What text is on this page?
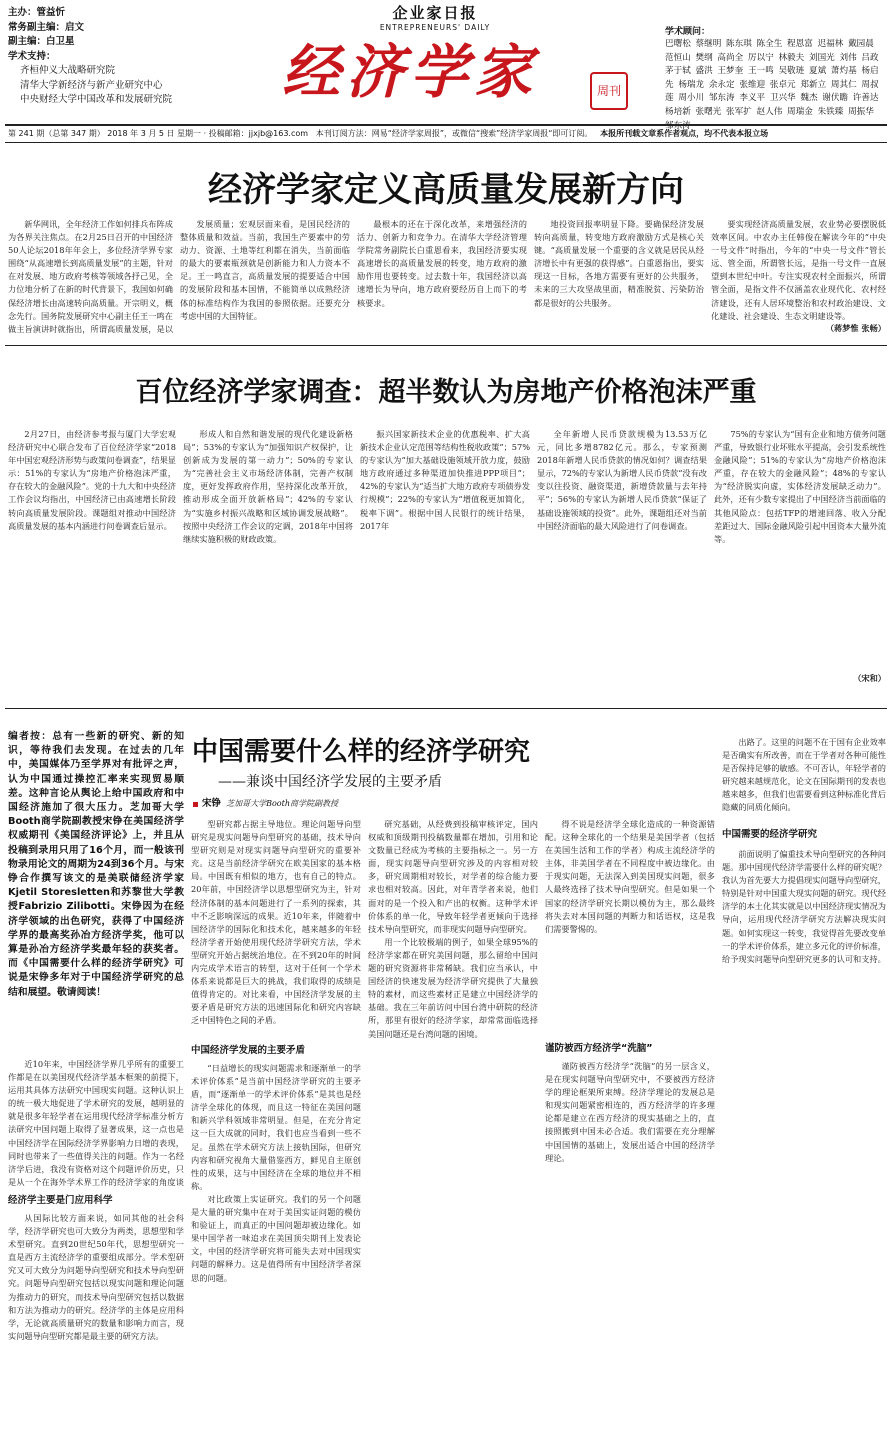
主办：管益忻
常务副主编：启文
副主编：白卫星
学术支持：
齐桓仲义大战略研究院
清华大学新经济与新产业研究中心
中央财经大学中国改革和发展研究院
企业家日报
ENTREPRENEURS' DAILY
经济学家	周刊
学术顾问：
巴曙松 蔡继明 陈东琪 陈全生 程恩富 迟福林 戴园晨 范恒山 樊纲 高尚全 厉以宁 林毅夫 刘国光 刘伟 吕政 茅于轼 盛洪 王梦奎 王一鸣 吴敬琏 夏斌 萧灼基 杨启先 杨瑞龙 余永定 张维迎 张卓元 郑新立 周其仁 周叔莲 周小川 邹东涛 李义平 卫兴华 魏杰 谢伏瞻 许善达 杨培新 张曙光 张军扩 赵人伟 周瑞金 朱铁臻 周振华
第 241 期（总第 347 期） 2018 年 3 月 5 日 星期一 · 投稿邮箱：jjxjb@163.com 本刊订阅方法：网易“经济学家周报”，或微信“搜索”经济学家周报“即可订阅。 本报所刊载文章系作者观点，均不代表本报立场
经济学家定义高质量发展新方向

新华网讯，全年经济工作如何排兵布阵成为各界关注焦点。在2月25日召开的中国经济50人论坛2018年年会上，多位经济学界专家围绕“从高速增长到高质量发展”的主题，针对在对发展、地方政府考核等领域各抒己见，全力位地分析了在新的时代背景下，我国如何确保经济增长由高速转向高质量。开宗明义，概念先行。国务院发展研究中心副主任王一鸣在做主旨演讲时就指出，所谓高质量发展，是以

发展质量；宏观层面来看，是国民经济的整体质量和效益。当前，我国生产要素中的劳动力、资源、土地等红利都在消失，当前面临的最大的要素瓶颈就是创新能力和人力资本不足。王一鸣直言，高质量发展的提要适合中国的发展阶段和基本国情，不能简单以成熟经济体的标准结构作为我国的参照依据。还要充分考虑中国的大国特征。

最根本的还在于深化改革，来增强经济的活力、创新力和竞争力。在清华大学经济管理学院常务副院长白重恩看来，我国经济要实现高速增长的高质量发展的转变，地方政府的激励作用也要转变。过去数十年，我国经济以高速增长为导向，地方政府要经历自上而下的考核要求。

地投资回报率明显下降。要确保经济发展转向高质量，转变地方政府激励方式是核心关键。“高质量发展一个重要的含义就是居民从经济增长中有更强的获得感”。白重恩指出，要实现这一目标，各地方需要有更好的公共服务，未来的三大攻坚战里面，精准脱贫、污染防治都是很好的公共服务。

要实现经济高质量发展，农业势必要摆脱低效率区间。中农办主任韩俊在解读今年的“中央一号文件”时指出，今年的“中央一号文件”管长远、管全面，所谓管长远，是指一号文件一直展望到本世纪中叶。专注实现农村全面振兴，所谓管全面，是指文件不仅涵盖农业现代化、农村经济建设，还有人居环境整治和农村政治建设、文化建设、社会建设、生态文明建设等。

（蒋梦惟 张畅）
百位经济学家调查：超半数认为房地产价格泡沫严重

2月27日，由经济参考报与厦门大学宏观经济研究中心联合发布了百位经济学家“2018年中国宏观经济形势与政策问卷调查”，结果显示：51%的专家认为“房地产价格泡沫严重，存在较大的金融风险”。党的十九大和中央经济工作会议均指出，中国经济已由高速增长阶段转向高质量发展阶段。课题组对推动中国经济高质量发展的基本内涵进行问卷调查后显示。

形成人和自然和谐发展的现代化建设新格局”；53%的专家认为“加强知识产权保护，让创新成为发展的第一动力”；50%的专家认为“完善社会主义市场经济体制，完善产权制度，更好发挥政府作用，坚持深化改革开放，推动形成全面开放新格局”；42%的专家认为“实施乡村振兴战略和区域协调发展战略”。按照中央经济工作会议的定调，2018年中国将继续实施积极的财政政策。

振兴国家新技术企业的优惠税率、扩大高新技术企业认定范围等结构性税收政策”；57%的专家认为“加大基础设施领域开放力度，鼓励地方政府通过多种渠道加快推进PPP项目”；42%的专家认为“适当扩大地方政府专项债券发行规模”；22%的专家认为“增值税更加简化，税率下调”。根据中国人民银行的统计结果，2017年

全年新增人民币贷款规模为13.53万亿元，同比多增8782亿元。那么，专家预测2018年新增人民币贷款的情况如何？调查结果显示，72%的专家认为新增人民币贷款“没有改变以往投资、融资渠道，新增贷款量与去年持平”；56%的专家认为新增人民币贷款“保证了基础设施领域的投资”。此外，课题组还对当前中国经济面临的最大风险进行了问卷调查。

75%的专家认为“国有企业和地方债务问题严重，导致银行业坏账水平提高，会引发系统性金融风险”；51%的专家认为“房地产价格泡沫严重，存在较大的金融风险”；48%的专家认为“经济脱实向虚，实体经济发展缺乏动力”。此外，还有少数专家提出了中国经济当前面临的其他风险点：包括TFP的增速回落、收入分配差距过大、国际金融风险引起中国资本大量外流等。

（宋和）
编者按：总有一些新的研究、新的知识，等待我们去发现。在过去的几年中，美国媒体乃至学界对有批评之声，认为中国通过操控汇率来实现贸易顺差。这种言论从舆论上给中国政府和中国经济施加了很大压力。芝加哥大学Booth商学院副教授宋铮在美国经济学权威期刊《美国经济评论》上，并且从投稿到录用只用了16个月，而一般该刊物录用论文的周期为24到36个月。与宋铮合作撰写该文的是美联储经济学家Kjetil Storesletten和苏黎世大学教授Fabrizio Zilibotti。宋铮因为在经济学领域的出色研究，获得了中国经济学界的最高奖孙冶方经济学奖，他可以算是孙冶方经济学奖最年轻的获奖者。而《中国需要什么样的经济学研究》可说是宋铮多年对于中国经济学研究的总结和展望。敬请阅读！
中国需要什么样的经济学研究
——兼谈中国经济学发展的主要矛盾
宋铮 芝加哥大学Booth商学院副教授

近10年来，中国经济学界几乎所有的重要工作都是在以美国现代经济学基本框架的前提下，运用其具体方法研究中国现实问题。这种认识上的统一极大地促进了学术研究的发展，越明显的就是很多年轻学者在运用现代经济学标准分析方法研究中国问题上取得了显著成果，这一点也是中国经济学在国际经济学界影响力日增的表现，同时也带来了一些值得关注的问题。作为一名经济学后进，我没有资格对这个问题评价历史，只是从一个在海外学术界工作的经济学家的角度谈

经济学主要是门应用科学

从国际比较方面来说，如同其他的社会科学，经济学研究也可大致分为两类，思想型和学术型研究。直到20世纪50年代，思想型研究一直是西方主流经济学的重要组成部分。学术型研究又可大致分为问题导向型研究和技术导向型研究。问题导向型研究包括以现实问题和理论问题为推动力的研究，而技术导向型研究包括以数据和方法为推动力的研究。经济学的主体是应用科学，无论就高质量研究的数量和影响力而言，现实问题导向型研究都是最主要的研究方法。

型研究都占据主导地位。理论问题导向型研究是现实问题导向型研究的基础，技术导向型研究则是对现实问题导向型研究的重要补充。这是当前经济学研究在欧美国家的基本格局。中国既有相似的地方，也有自己的特点。20年前，中国经济学以思想型研究为主，针对经济体制的基本问题进行了一系列的探索，其中不乏影响深远的成果。近10年来，伴随着中国经济学的国际化和技术化，越来越多的年轻经济学者开始使用现代经济学研究方法，学术型研究开始占据统治地位。在不到20年的时间内完成学术语言的转型，这对于任何一个学术体系来说都是巨大的挑战，我们取得的成绩是值得肯定的。对比来看，中国经济学发展的主要矛盾是研究方法的迅速国际化和研究内容缺乏中国特色之间的矛盾。

中国经济学发展的主要矛盾

“日益增长的现实问题需求和逐渐单一的学术评价体系”是当前中国经济学研究的主要矛盾，而“逐渐单一的学术评价体系”是其也是经济学全球化的体现，而且这一特征在美国问题和新兴学科领域非常明显。但是，在充分肯定这一巨大成就的同时，我们也应当看到一些不足。虽然在学术研究方法上接轨国际，但研究内容和研究视角大量借鉴西方，鲜见自主原创性的成果，这与中国经济在全球的地位并不相称。

对比政策上实证研究。我们的另一个问题是大量的研究集中在对于美国实证问题的模仿和验证上，而真正的中国问题却被边缘化。如果中国学者一味追求在美国顶尖期刊上发表论文，中国的经济学研究将可能失去对中国现实问题的解释力。这是值得所有中国经济学者深思的问题。

研究基础，从经费到投稿审核评定，国内权威和顶级期刊投稿数量都在增加，引用和论文数量已经成为考核的主要指标之一。另一方面，现实问题导向型研究涉及的内容相对较多，研究周期相对较长，对学者的综合能力要求也相对较高。因此，对年青学者来说，他们面对的是一个投入和产出的权衡。这种学术评价体系的单一化，导致年轻学者更倾向于选择技术导向型研究，而非现实问题导向型研究。

用一个比较极端的例子，如果全球95%的经济学家都在研究美国问题，那么留给中国问题的研究资源将非常稀缺。我们应当承认，中国经济的快速发展为经济学研究提供了大量独特的素材，而这些素材正是建立中国经济学的基础。我在三年前访问中国台湾中研院的经济所，那里有很好的经济学家，却常常面临选择美国问题还是台湾问题的困境。

得不说是经济学全球化造成的一种资源错配。这种全球化的一个结果是美国学者（包括在美国生活和工作的学者）构成主流经济学的主体，非美国学者在不同程度中被边缘化。由于现实问题，无法深入到美国现实问题，很多人最终选择了技术导向型研究。但是如果一个国家的经济学研究长期以模仿为主，那么最终将失去对本国问题的判断力和话语权，这是我们需要警惕的。

谨防被西方经济学“洗脑”

谨防被西方经济学“洗脑”的另一层含义，是在现实问题导向型研究中，不要被西方经济学的理论框架所束缚。经济学理论的发展总是和现实问题紧密相连的，西方经济学的许多理论都是建立在西方经济的现实基础之上的，直接照搬到中国未必合适。我们需要在充分理解中国国情的基础上，发展出适合中国的经济学理论。

出路了。这里的问题不在于国有企业效率是否确实有所改善，而在于学者对各种可能性是否保持足够的敏感。不可否认，年轻学者的研究越来越规范化，论文在国际期刊的发表也越来越多，但我们也需要看到这种标准化背后隐藏的同质化倾向。

中国需要的经济学研究

前面说明了偏重技术导向型研究的各种问题。那中国现代经济学需要什么样的研究呢？我认为首先要大力提倡现实问题导向型研究，特别是针对中国重大现实问题的研究。现代经济学的本土化其实就是以中国经济现实情况为导向，运用现代经济学研究方法解决现实问题。如何实现这一转变，我觉得首先要改变单一的学术评价体系，建立多元化的评价标准，给予现实问题导向型研究更多的认可和支持。
